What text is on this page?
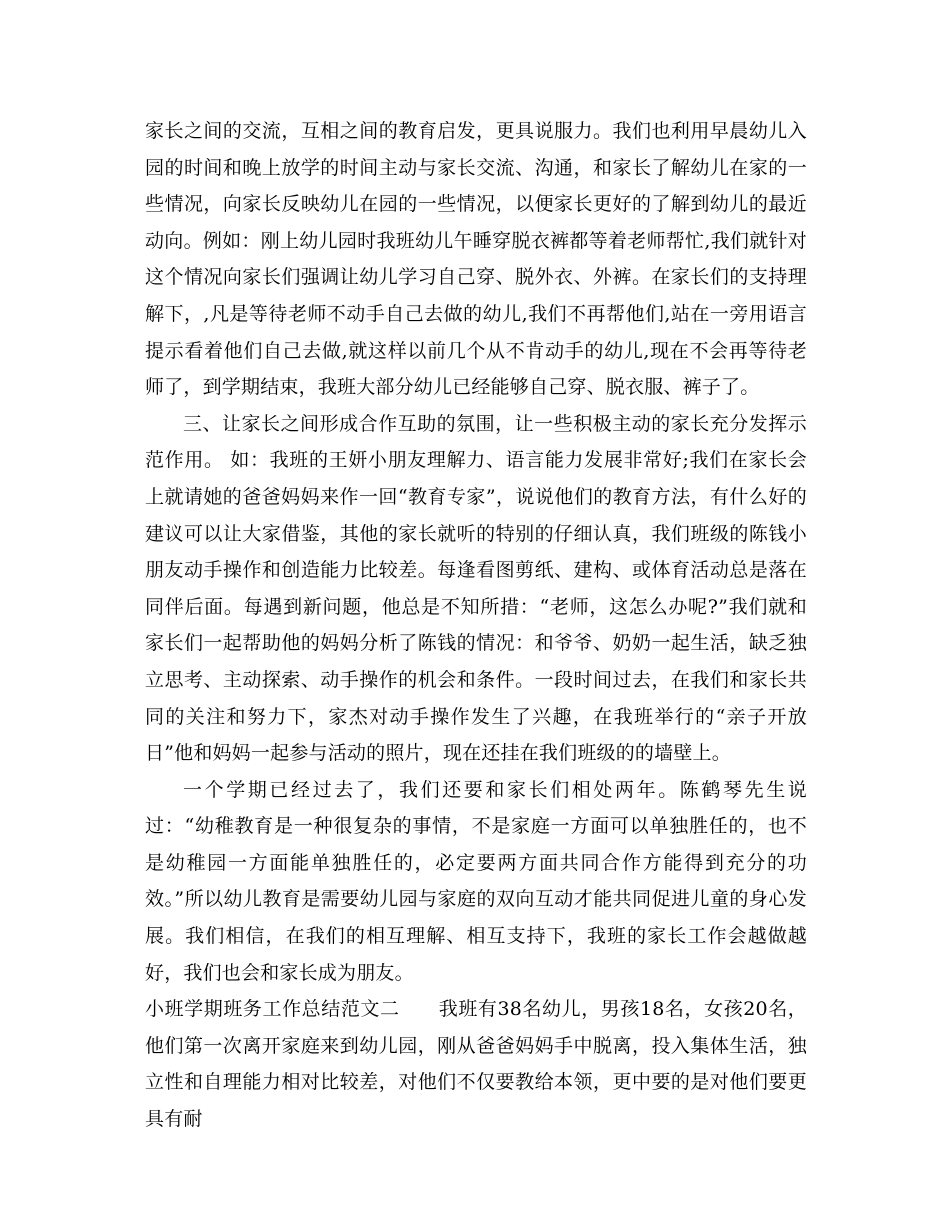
家长之间的交流，互相之间的教育启发，更具说服力。我们也利用早晨幼儿入园的时间和晚上放学的时间主动与家长交流、沟通，和家长了解幼儿在家的一些情况，向家长反映幼儿在园的一些情况，以便家长更好的了解到幼儿的最近动向。例如：刚上幼儿园时我班幼儿午睡穿脱衣裤都等着老师帮忙,我们就针对这个情况向家长们强调让幼儿学习自己穿、脱外衣、外裤。在家长们的支持理解下，,凡是等待老师不动手自己去做的幼儿,我们不再帮他们,站在一旁用语言提示看着他们自己去做,就这样以前几个从不肯动手的幼儿,现在不会再等待老师了，到学期结束，我班大部分幼儿已经能够自己穿、脱衣服、裤子了。

三、让家长之间形成合作互助的氛围，让一些积极主动的家长充分发挥示范作用。 如：我班的王妍小朋友理解力、语言能力发展非常好;我们在家长会上就请她的爸爸妈妈来作一回“教育专家”，说说他们的教育方法，有什么好的建议可以让大家借鉴，其他的家长就听的特别的仔细认真，我们班级的陈钱小朋友动手操作和创造能力比较差。每逢看图剪纸、建构、或体育活动总是落在同伴后面。每遇到新问题，他总是不知所措：“老师，这怎么办呢?”我们就和家长们一起帮助他的妈妈分析了陈钱的情况：和爷爷、奶奶一起生活，缺乏独立思考、主动探索、动手操作的机会和条件。一段时间过去，在我们和家长共同的关注和努力下，家杰对动手操作发生了兴趣，在我班举行的“亲子开放日”他和妈妈一起参与活动的照片，现在还挂在我们班级的的墙壁上。

一个学期已经过去了，我们还要和家长们相处两年。陈鹤琴先生说过：“幼稚教育是一种很复杂的事情，不是家庭一方面可以单独胜任的，也不是幼稚园一方面能单独胜任的，必定要两方面共同合作方能得到充分的功效。”所以幼儿教育是需要幼儿园与家庭的双向互动才能共同促进儿童的身心发展。我们相信，在我们的相互理解、相互支持下，我班的家长工作会越做越好，我们也会和家长成为朋友。

小班学期班务工作总结范文二　　我班有38名幼儿，男孩18名，女孩20名，他们第一次离开家庭来到幼儿园，刚从爸爸妈妈手中脱离，投入集体生活，独立性和自理能力相对比较差，对他们不仅要教给本领，更中要的是对他们要更具有耐
